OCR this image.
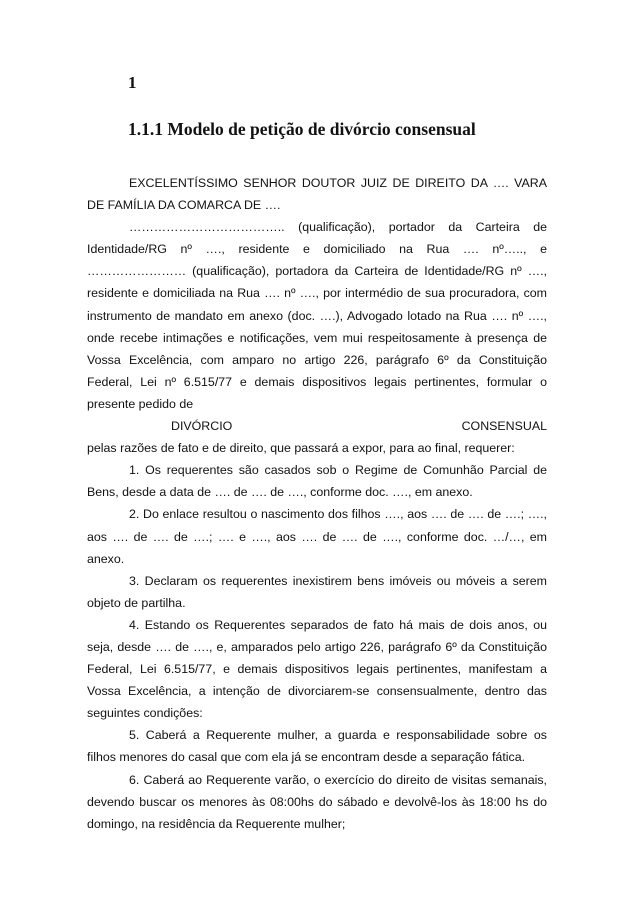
1
1.1.1 Modelo de petição de divórcio consensual

EXCELENTÍSSIMO SENHOR DOUTOR JUIZ DE DIREITO DA …. VARA DE FAMÍLIA DA COMARCA DE ….

……………………………….. (qualificação), portador da Carteira de Identidade/RG nº …., residente e domiciliado na Rua …. nº….., e …………………… (qualificação), portadora da Carteira de Identidade/RG nº …., residente e domiciliada na Rua …. nº …., por intermédio de sua procuradora, com instrumento de mandato em anexo (doc. ….), Advogado lotado na Rua …. nº …., onde recebe intimações e notificações, vem mui respeitosamente à presença de Vossa Excelência, com amparo no artigo 226, parágrafo 6º da Constituição Federal, Lei nº 6.515/77 e demais dispositivos legais pertinentes, formular o presente pedido de

DIVÓRCIO	CONSENSUAL

pelas razões de fato e de direito, que passará a expor, para ao final, requerer:

1. Os requerentes são casados sob o Regime de Comunhão Parcial de Bens, desde a data de …. de …. de …., conforme doc. …., em anexo.

2. Do enlace resultou o nascimento dos filhos …., aos …. de …. de ….; …., aos …. de …. de ….; …. e …., aos …. de …. de …., conforme doc. …/…, em anexo.

3. Declaram os requerentes inexistirem bens imóveis ou móveis a serem objeto de partilha.

4. Estando os Requerentes separados de fato há mais de dois anos, ou seja, desde …. de …., e, amparados pelo artigo 226, parágrafo 6º da Constituição Federal, Lei 6.515/77, e demais dispositivos legais pertinentes, manifestam a Vossa Excelência, a intenção de divorciarem-se consensualmente, dentro das seguintes condições:

5. Caberá a Requerente mulher, a guarda e responsabilidade sobre os filhos menores do casal que com ela já se encontram desde a separação fática.

6. Caberá ao Requerente varão, o exercício do direito de visitas semanais, devendo buscar os menores às 08:00hs do sábado e devolvê-los às 18:00 hs do domingo, na residência da Requerente mulher;
